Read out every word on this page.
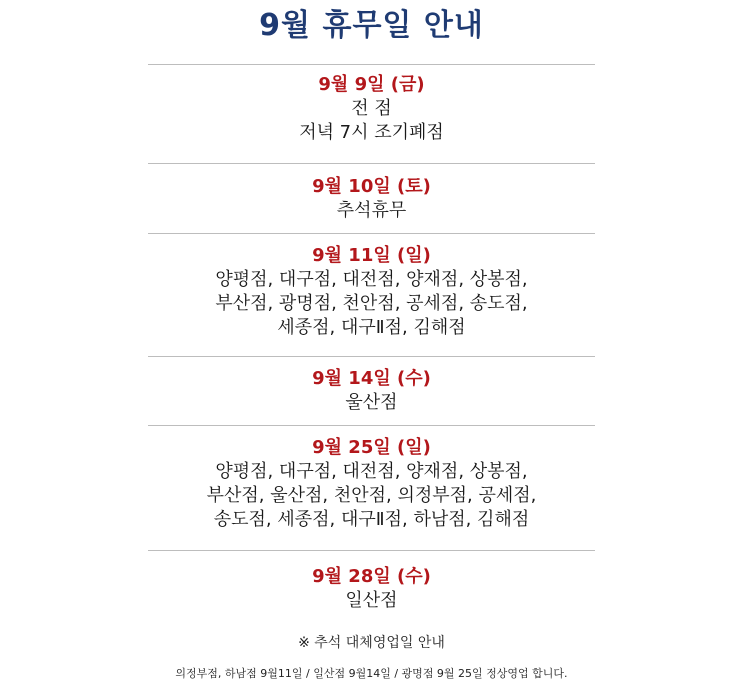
9월 휴무일 안내
9월 9일 (금)
전 점
저녁 7시 조기폐점
9월 10일 (토)
추석휴무
9월 11일 (일)
양평점, 대구점, 대전점, 양재점, 상봉점,
부산점, 광명점, 천안점, 공세점, 송도점,
세종점, 대구Ⅱ점, 김해점
9월 14일 (수)
울산점
9월 25일 (일)
양평점, 대구점, 대전점, 양재점, 상봉점,
부산점, 울산점, 천안점, 의정부점, 공세점,
송도점, 세종점, 대구Ⅱ점, 하남점, 김해점
9월 28일 (수)
일산점
※ 추석 대체영업일 안내
의정부점, 하남점 9월11일 / 일산점 9월14일 / 광명점 9월 25일 정상영업 합니다.
